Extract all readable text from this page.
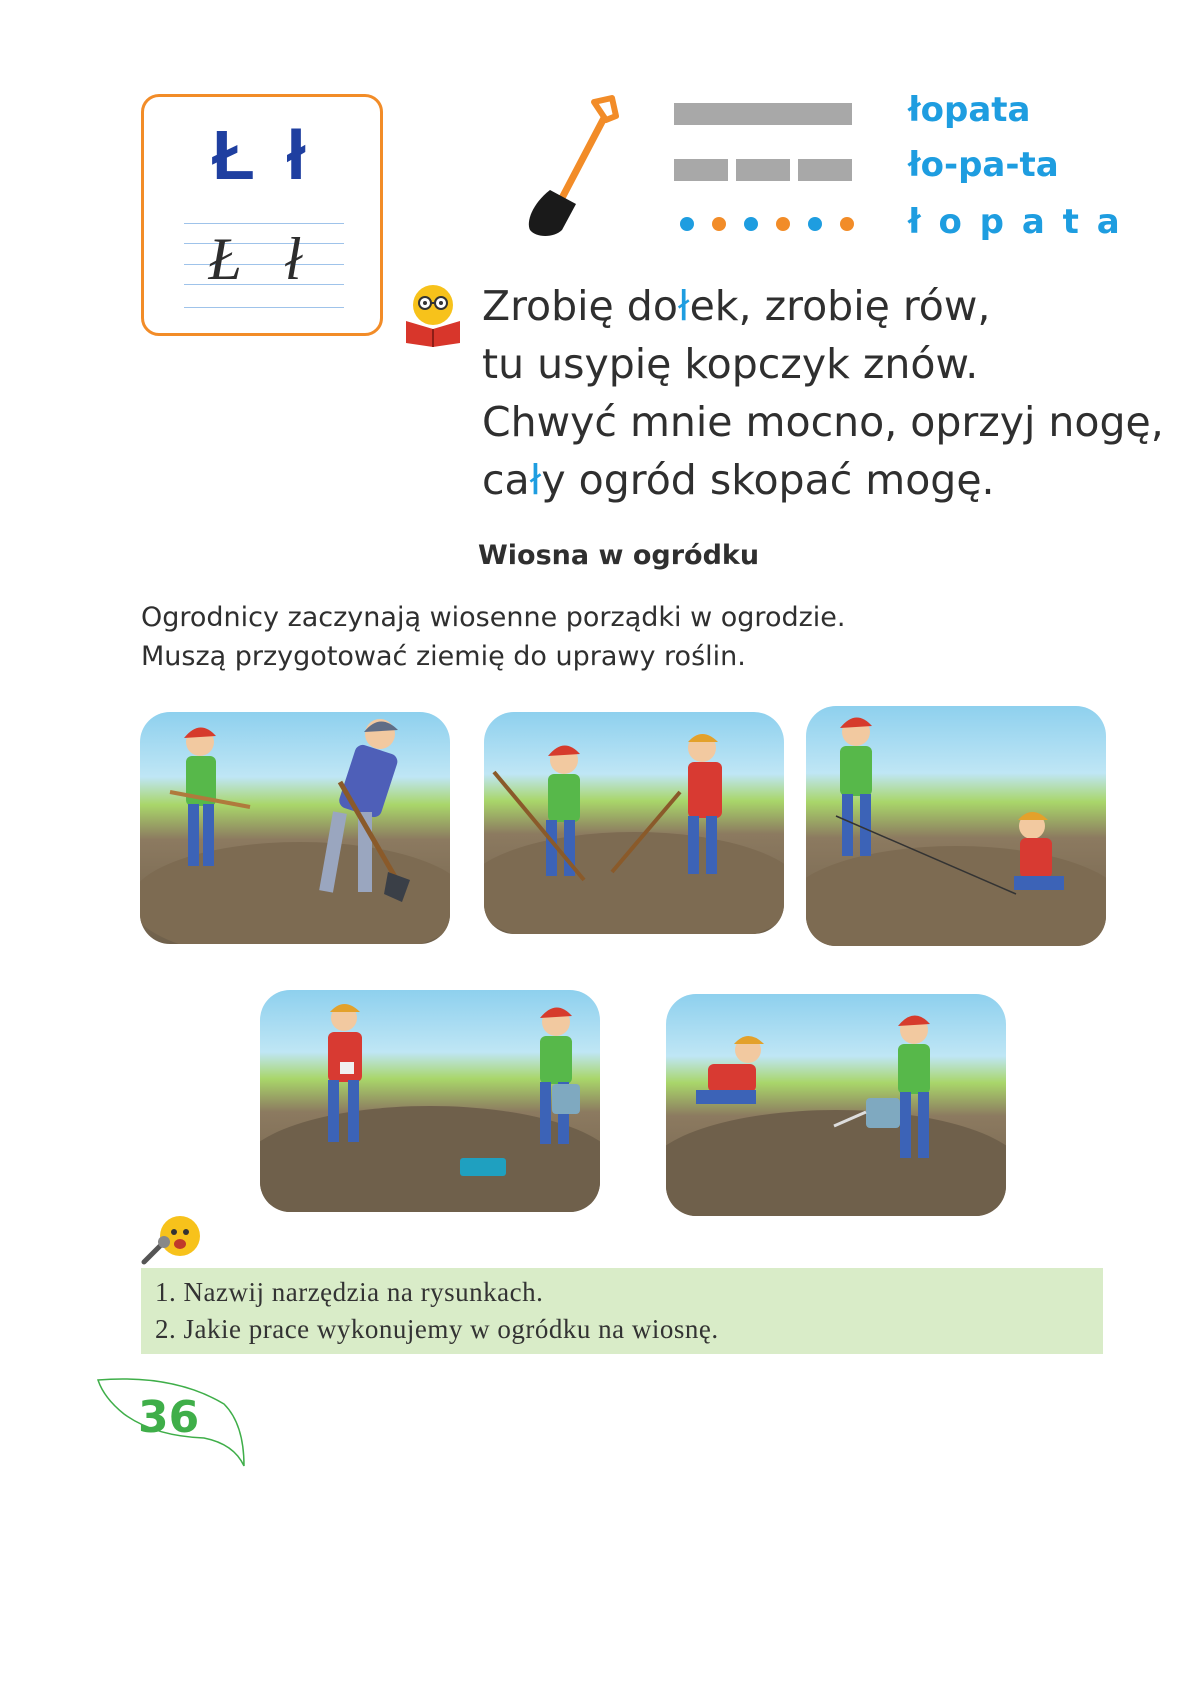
Ł ł
Ł ł
łopata
ło-pa-ta
ł o p a t a
Zrobię dołek, zrobię rów,
tu usypię kopczyk znów.
Chwyć mnie mocno, oprzyj nogę,
cały ogród skopać mogę.
Wiosna w ogródku
Ogrodnicy zaczynają wiosenne porządki w ogrodzie.
Muszą przygotować ziemię do uprawy roślin.
1. Nazwij narzędzia na rysunkach.
2. Jakie prace wykonujemy w ogródku na wiosnę.
36
